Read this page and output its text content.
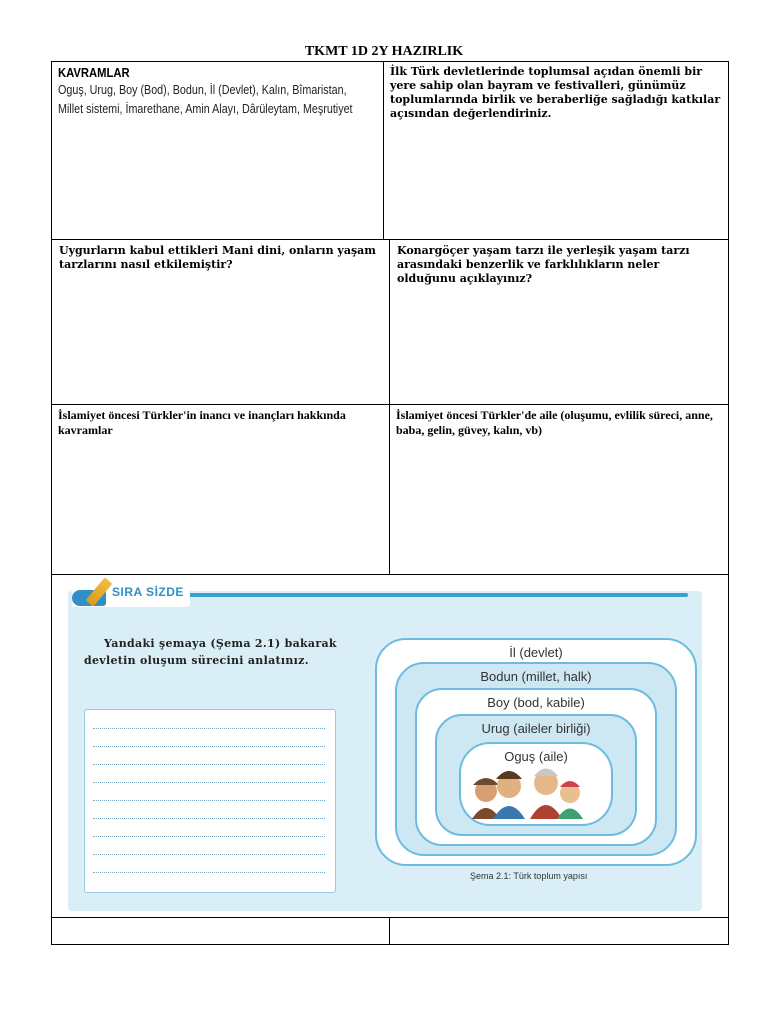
TKMT 1D 2Y HAZIRLIK
KAVRAMLAR
Oguş, Urug, Boy (Bod), Bodun, İl (Devlet), Kalın, Bîmaristan, Millet sistemi, İmarethane, Amin Alayı, Dârüleytam, Meşrutiyet

İlk Türk devletlerinde toplumsal açıdan önemli bir yere sahip olan bayram ve festivalleri, günümüz toplumlarında birlik ve beraberliğe sağladığı katkılar açısından değerlendiriniz.

Uygurların kabul ettikleri Mani dini, onların yaşam tarzlarını nasıl etkilemiştir?

Konargöçer yaşam tarzı ile yerleşik yaşam tarzı arasındaki benzerlik ve farklılıkların neler olduğunu açıklayınız?

İslamiyet öncesi Türkler'in inancı ve inançları hakkında kavramlar

İslamiyet öncesi Türkler'de aile (oluşumu, evlilik süreci, anne, baba, gelin, güvey, kalın, vb)

SIRA SİZDE
Yandaki şemaya (Şema 2.1) bakarak devletin oluşum sürecini anlatınız.
İl (devlet)
Bodun (millet, halk)
Boy (bod, kabile)
Urug (aileler birliği)
Oguş (aile)
Şema 2.1: Türk toplum yapısı
